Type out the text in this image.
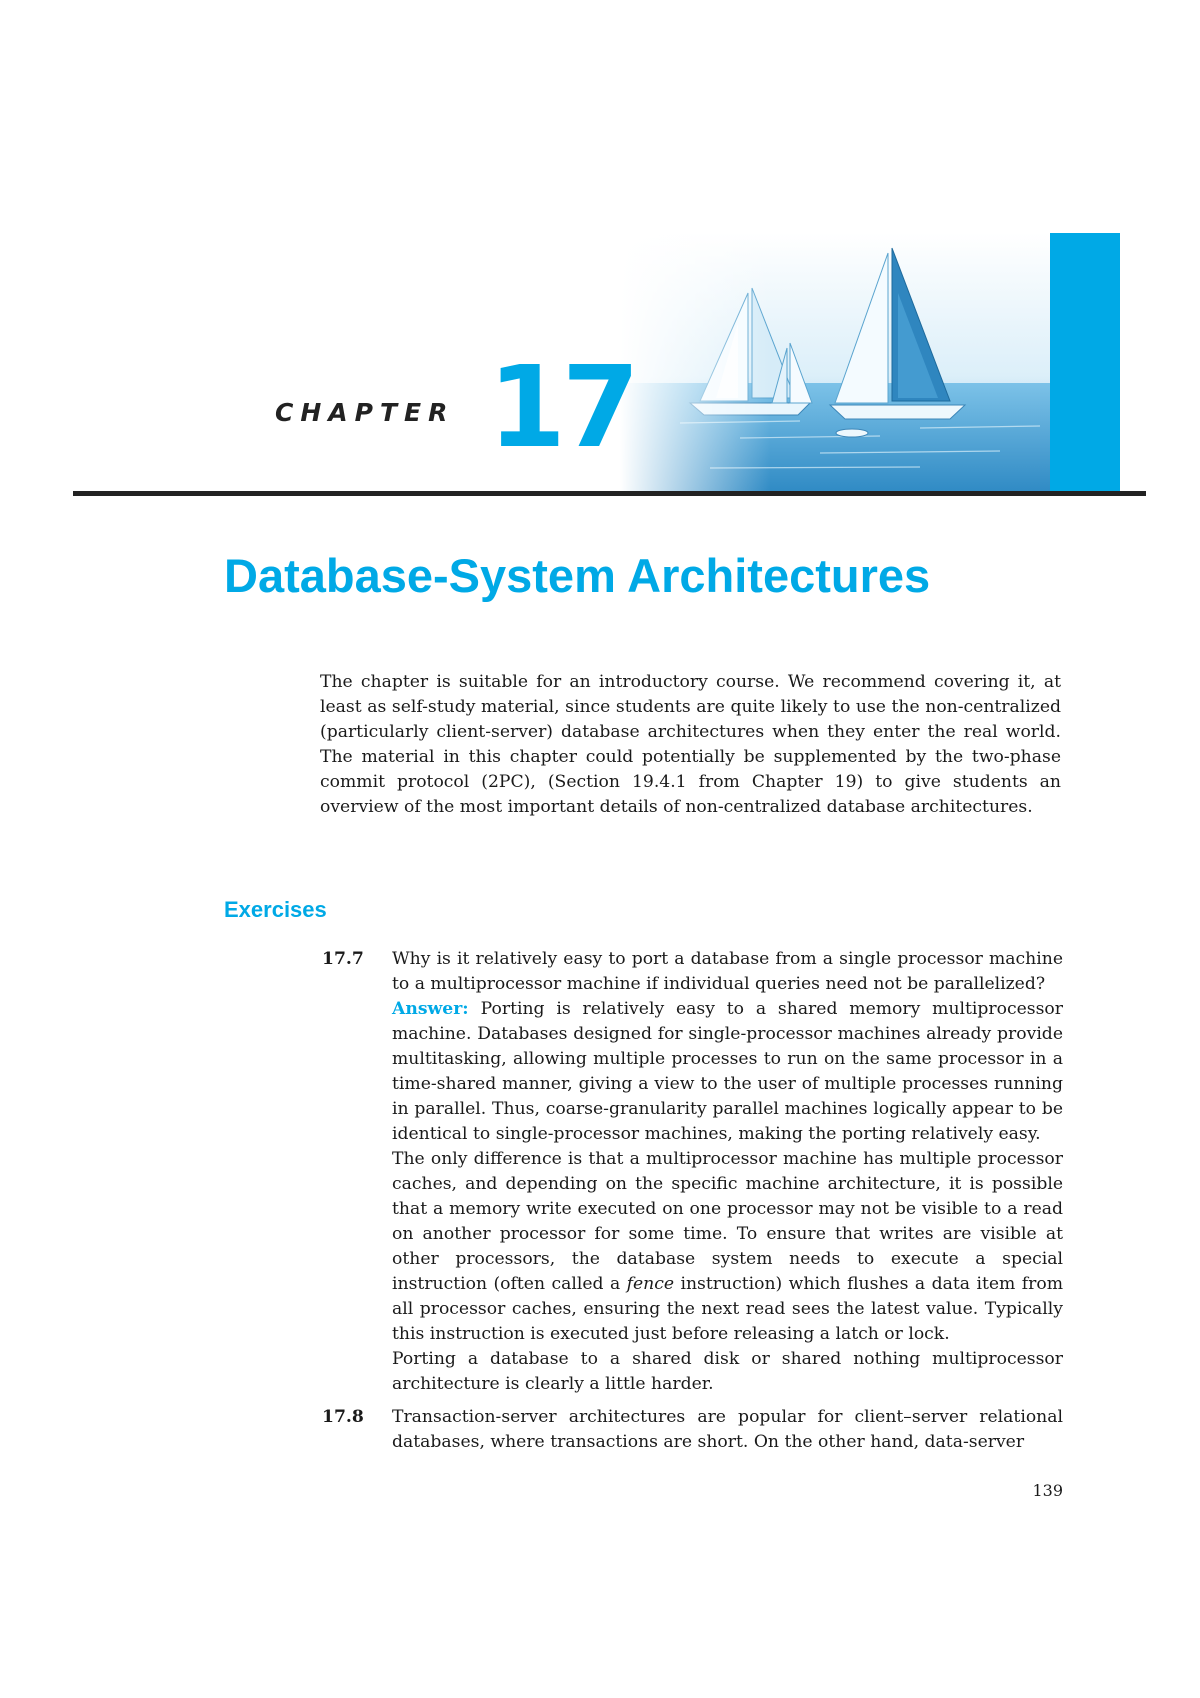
CHAPTER 17
Database-System Architectures
The chapter is suitable for an introductory course. We recommend covering it, at least as self-study material, since students are quite likely to use the non-centralized (particularly client-server) database architectures when they enter the real world. The material in this chapter could potentially be supplemented by the two-phase commit protocol (2PC), (Section 19.4.1 from Chapter 19) to give students an overview of the most important details of non-centralized database architectures.
Exercises
17.7 Why is it relatively easy to port a database from a single processor machine to a multiprocessor machine if individual queries need not be parallelized?

Answer: Porting is relatively easy to a shared memory multiprocessor machine. Databases designed for single-processor machines already provide multitasking, allowing multiple processes to run on the same processor in a time-shared manner, giving a view to the user of multiple processes running in parallel. Thus, coarse-granularity parallel machines logically appear to be identical to single-processor machines, making the porting relatively easy.

The only difference is that a multiprocessor machine has multiple processor caches, and depending on the specific machine architecture, it is possible that a memory write executed on one processor may not be visible to a read on another processor for some time. To ensure that writes are visible at other processors, the database system needs to execute a special instruction (often called a fence instruction) which flushes a data item from all processor caches, ensuring the next read sees the latest value. Typically this instruction is executed just before releasing a latch or lock.

Porting a database to a shared disk or shared nothing multiprocessor architecture is clearly a little harder.

17.8 Transaction-server architectures are popular for client–server relational databases, where transactions are short. On the other hand, data-server

139
